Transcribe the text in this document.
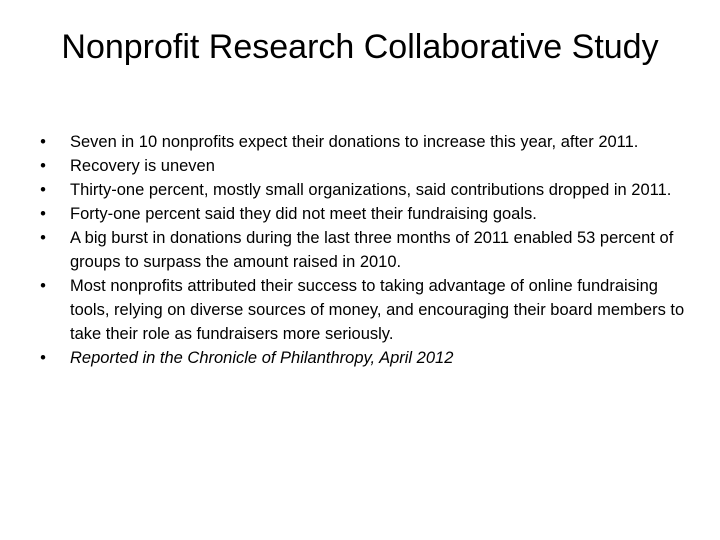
Nonprofit Research Collaborative Study
• Seven in 10 nonprofits expect their donations to increase this year, after 2011.
• Recovery is uneven
• Thirty-one percent, mostly small organizations, said contributions dropped in 2011.
• Forty-one percent said they did not meet their fundraising goals.
• A big burst in donations during the last three months of 2011 enabled 53 percent of groups to surpass the amount raised in 2010.
• Most nonprofits attributed their success to taking advantage of online fundraising tools, relying on diverse sources of money, and encouraging their board members to take their role as fundraisers more seriously.
• Reported in the Chronicle of Philanthropy, April 2012
